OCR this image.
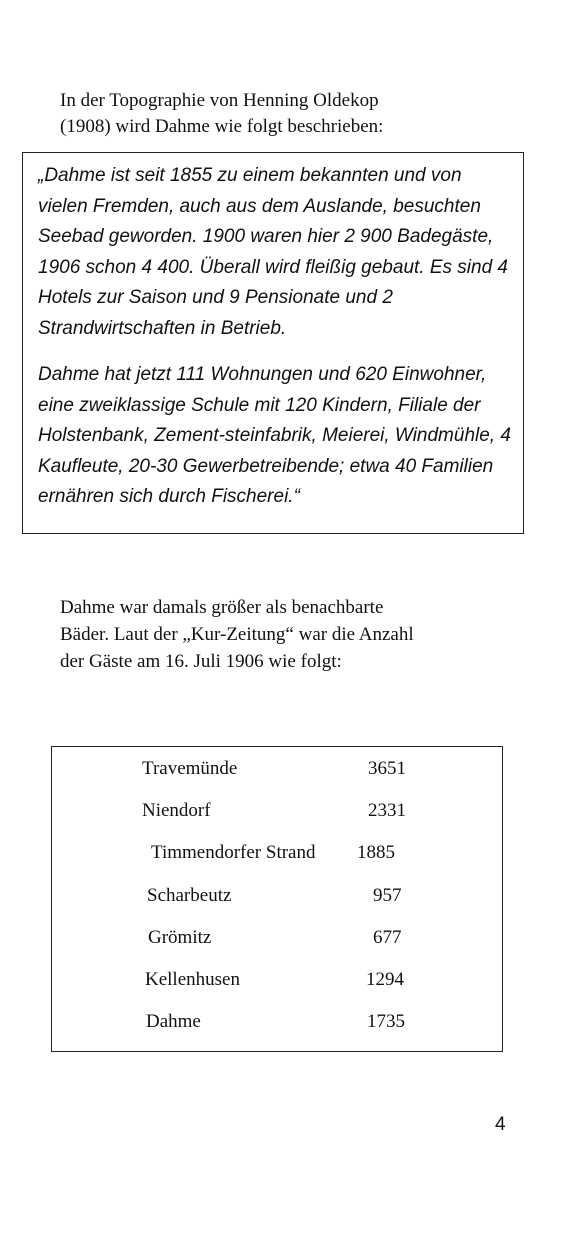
In der Topographie von Henning Oldekop

(1908) wird Dahme wie folgt beschrieben:

„Dahme ist seit 1855 zu einem bekannten und von vielen Fremden, auch aus dem Auslande, besuchten Seebad geworden. 1900 waren hier 2 900 Badegäste, 1906 schon 4 400. Überall wird fleißig gebaut. Es sind 4 Hotels zur Saison und 9 Pensionate und 2 Strandwirtschaften in Betrieb.

Dahme hat jetzt 111 Wohnungen und 620 Einwohner, eine zweiklassige Schule mit 120 Kindern, Filiale der Holstenbank, Zement-steinfabrik, Meierei, Windmühle, 4 Kaufleute, 20-30 Gewerbetreibende; etwa 40 Familien ernähren sich durch Fischerei.“

Dahme war damals größer als benachbarte

Bäder. Laut der „Kur-Zeitung“ war die Anzahl

der Gäste am 16. Juli 1906 wie folgt:

Travemünde	3651
Niendorf	2331
Timmendorfer Strand 1885
Scharbeutz	957
Grömitz	677
Kellenhusen	1294
Dahme	1735
4
